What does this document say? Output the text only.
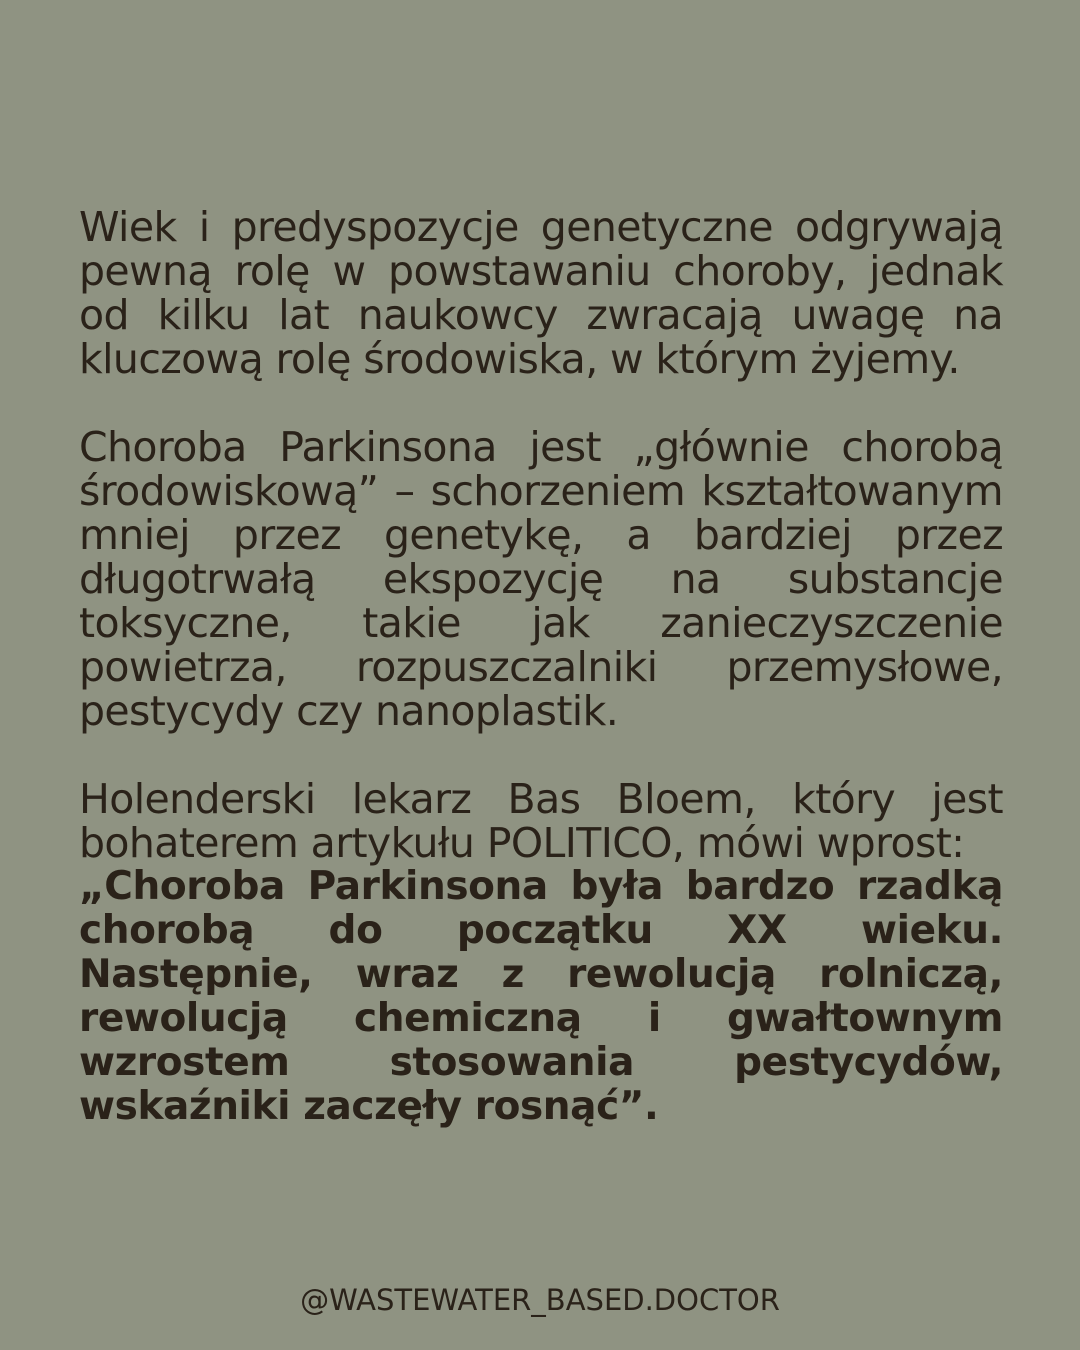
Wiek i predyspozycje genetyczne odgrywają pewną rolę w powstawaniu choroby, jednak od kilku lat naukowcy zwracają uwagę na kluczową rolę środowiska, w którym żyjemy.

Choroba Parkinsona jest „głównie chorobą środowiskową” – schorzeniem kształtowanym mniej przez genetykę, a bardziej przez długotrwałą ekspozycję na substancje toksyczne, takie jak zanieczyszczenie powietrza, rozpuszczalniki przemysłowe, pestycydy czy nanoplastik.

Holenderski lekarz Bas Bloem, który jest bohaterem artykułu POLITICO, mówi wprost:

„Choroba Parkinsona była bardzo rzadką chorobą do początku XX wieku. Następnie, wraz z rewolucją rolniczą, rewolucją chemiczną i gwałtownym wzrostem stosowania pestycydów, wskaźniki zaczęły rosnąć”.

@WASTEWATER_BASED.DOCTOR
